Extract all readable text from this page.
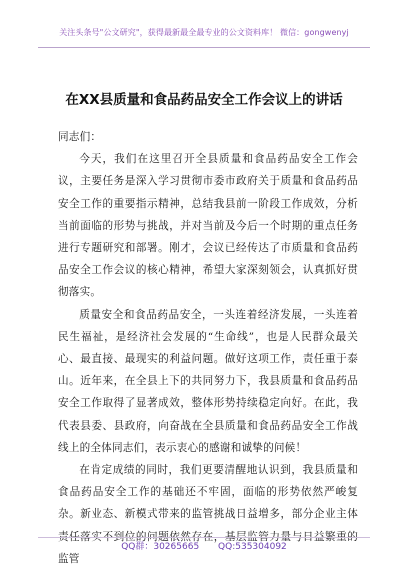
关注头条号"公文研究"，获得最新最全最专业的公文资料库！ 微信：gongwenyj
在XX县质量和食品药品安全工作会议上的讲话

同志们：

今天，我们在这里召开全县质量和食品药品安全工作会议，主要任务是深入学习贯彻市委市政府关于质量和食品药品安全工作的重要指示精神，总结我县前一阶段工作成效，分析当前面临的形势与挑战，并对当前及今后一个时期的重点任务进行专题研究和部署。刚才，会议已经传达了市质量和食品药品安全工作会议的核心精神，希望大家深刻领会，认真抓好贯彻落实。

质量安全和食品药品安全，一头连着经济发展，一头连着民生福祉，是经济社会发展的“生命线”，也是人民群众最关心、最直接、最现实的利益问题。做好这项工作，责任重于泰山。近年来，在全县上下的共同努力下，我县质量和食品药品安全工作取得了显著成效，整体形势持续稳定向好。在此，我代表县委、县政府，向奋战在全县质量和食品药品安全工作战线上的全体同志们，表示衷心的感谢和诚挚的问候！

在肯定成绩的同时，我们更要清醒地认识到，我县质量和食品药品安全工作的基础还不牢固，面临的形势依然严峻复杂。新业态、新模式带来的监管挑战日益增多，部分企业主体责任落实不到位的问题依然存在，基层监管力量与日益繁重的监管

QQ群：30265665 QQ:535304092
